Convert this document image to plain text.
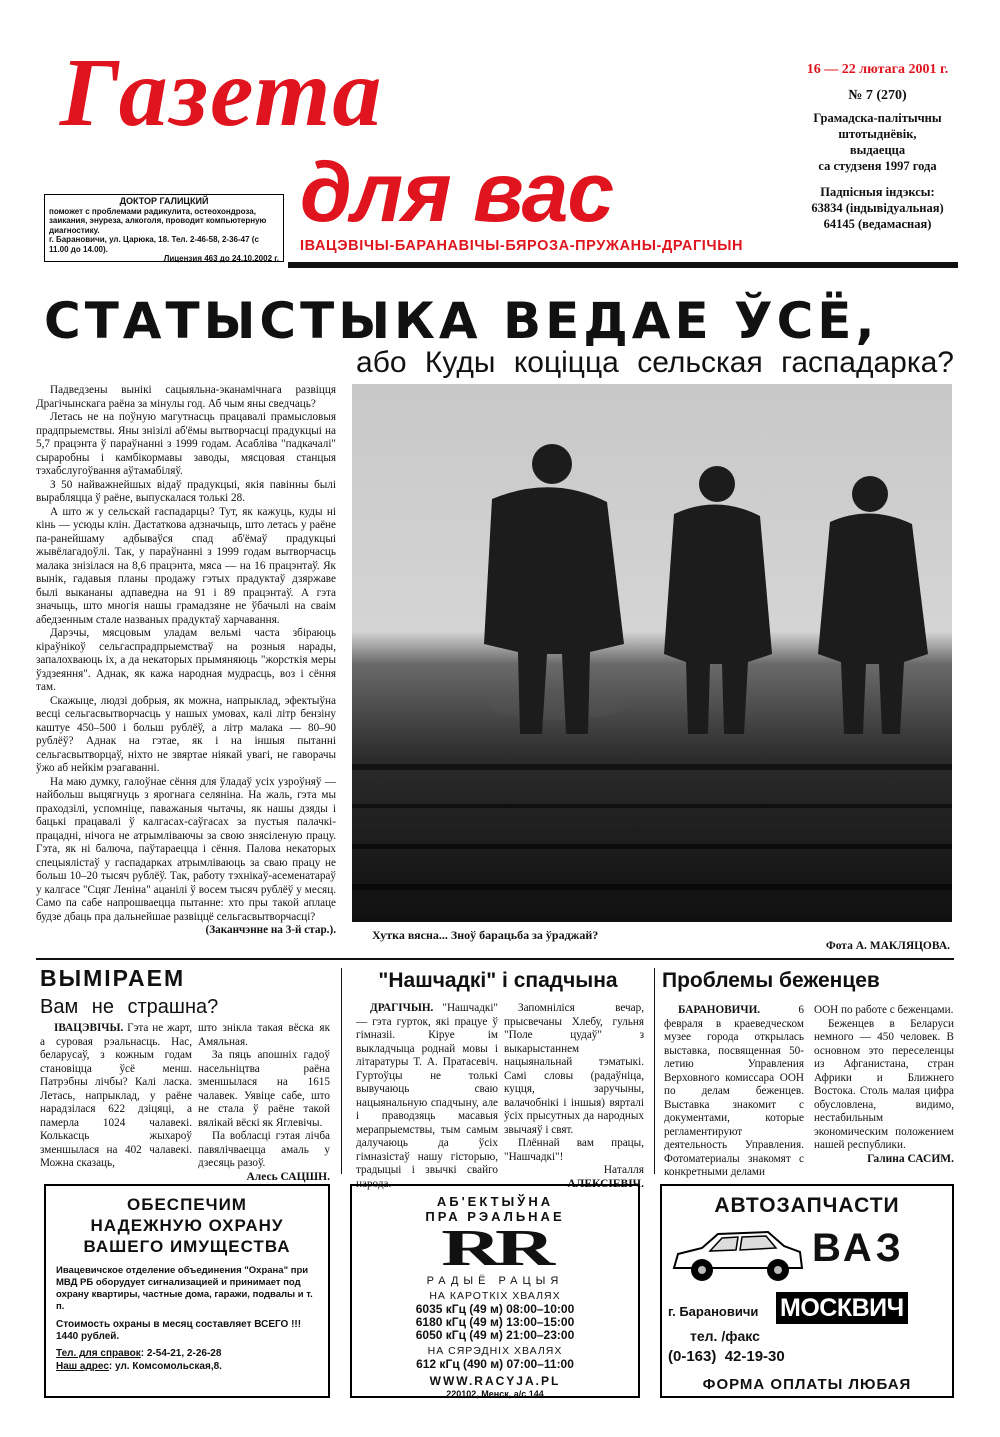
Газета
для вас
16 — 22 лютага 2001 г.
№ 7 (270)
Грамадска-палітычны
штотыднёвік,
выдаецца
са студзеня 1997 года
Падпісныя індэксы:
63834 (індывідуальная)
64145 (ведамасная)
ДОКТОР ГАЛИЦКИЙ
поможет с проблемами радикулита, остеохондроза, заикания, энуреза, алкоголя, проводит компьютерную диагностику.
г. Барановичи, ул. Царюка, 18. Тел. 2-46-58, 2-36-47 (с 11.00 до 14.00).
Лицензия 463 до 24.10.2002 г.
ІВАЦЭВІЧЫ-БАРАНАВІЧЫ-БЯРОЗА-ПРУЖАНЫ-ДРАГІЧЫН
СТАТЫСТЫКА ВЕДАЕ ЎСЁ,
або Куды коціцца сельская гаспадарка?

Падведзены вынікі сацыяльна-эканамічнага развіцця Драгічынскага раёна за мінулы год. Аб чым яны сведчаць?

Летась не на поўную магутнасць працавалі прамысловыя прадпрыемствы. Яны знізілі аб'ёмы вытворчасці прадукцыі на 5,7 працэнта ў параўнанні з 1999 годам. Асабліва "падкачалі" сыраробны і камбікормавы заводы, мясцовая станцыя тэхабслугоўвання аўтамабіляў.

З 50 найважнейшых відаў прадукцыі, якія павінны былі вырабляцца ў раёне, выпускалася толькі 28.

А што ж у сельскай гаспадарцы? Тут, як кажуць, куды ні кінь — усюды клін. Дастаткова адзначыць, што летась у раёне па-ранейшаму адбываўся спад аб'ёмаў прадукцыі жывёлагадоўлі. Так, у параўнанні з 1999 годам вытворчасць малака знізілася на 8,6 працэнта, мяса — на 16 працэнтаў. Як вынік, гадавыя планы продажу гэтых прадуктаў дзяржаве былі выкананы адпаведна на 91 і 89 працэнтаў. А гэта значыць, што многія нашы грамадзяне не ўбачылі на сваім абедзенным стале названых прадуктаў харчавання.

Дарэчы, мясцовым уладам вельмі часта збіраюць кіраўнікоў сельгаспрадпрыемстваў на розныя нарады, запалохваюць іх, а да некаторых прымяняюць "жорсткія меры ўздзеяння". Аднак, як кажа народная мудрасць, воз і сёння там.

Скажыце, людзі добрыя, як можна, напрыклад, эфектыўна весці сельгасвытворчасць у нашых умовах, калі літр бензіну каштуе 450–500 і больш рублёў, а літр малака — 80–90 рублёў? Аднак на гэтае, як і на іншыя пытанні сельгасвытворцаў, ніхто не звяртае ніякай увагі, не гаворачы ўжо аб нейкім рэагаванні.

На маю думку, галоўнае сёння для ўладаў усіх узроўняў — найбольш выцягнуць з ярогнага селяніна. На жаль, гэта мы праходзілі, успомніце, паважаныя чытачы, як нашы дзяды і бацькі працавалі ў калгасах-саўгасах за пустыя палачкі-працадні, нічога не атрымліваючы за свою знясіленую працу. Гэта, як ні балюча, паўтараецца і сёння. Палова некаторых спецыялістаў у гаспадарках атрымліваюць за сваю працу не больш 10–20 тысяч рублёў. Так, работу тэхнікаў-асеменатараў у калгасе "Сцяг Леніна" ацанілі ў восем тысяч рублёў у месяц. Само па сабе напрошваецца пытанне: хто пры такой аплаце будзе дбаць пра дальнейшае развіццё сельгасвытворчасці?

(Заканчэнне на 3-й стар.).	Хутка вясна... Зноў барацьба за ўраджай?
Фота А. МАКЛЯЦОВА.
ВЫМІРАЕМ
Вам не страшна?

ІВАЦЭВІЧЫ. Гэта не жарт, а суровая рэальнасць. Нас, беларусаў, з кожным годам становіцца ўсё менш. Патрэбны лічбы? Калі ласка. Летась, напрыклад, у раёне нарадзілася 622 дзіцяці, а памерла 1024 чалавекі. Колькасць жыхароў зменшылася на 402 чалавекі. Можна сказаць,

што знікла такая вёска як Амяльная.

За пяць апошніх гадоў насельніцтва раёна зменшылася на 1615 чалавек. Уявіце сабе, што не стала ў раёне такой вялікай вёскі як Яглевічы.

Па вобласці гэтая лічба павялічваецца амаль у дзесяць разоў.

Алесь САЦШН.
"Нашчадкі" і спадчына

ДРАГІЧЫН. "Нашчадкі" — гэта гурток, які працуе ў гімназіі. Кіруе ім выкладчыца роднай мовы і літаратуры Т. А. Пратасевіч. Гуртоўцы не толькі вывучаюць сваю нацыянальную спадчыну, але і праводзяць масавыя мерапрыемствы, тым самым далучаюць да ўсіх гімназістаў нашу гісторыю, традыцыі і звычкі свайго народа.

Запомніліся вечар, прысвечаны Хлебу, гульня "Поле цудаў" з выкарыстаннем нацыянальнай тэматыкі. Самі словы (радаўніца, куцця, заручыны, валачобнікі і іншыя) вярталі ўсіх прысутных да народных звычаяў і свят.

Плённай вам працы, "Нашчадкі"!

Наталля
АЛЕКСІЕВІЧ.
Проблемы беженцев

БАРАНОВИЧИ.	6 февраля в краеведческом музее города открылась выставка, посвященная 50-летию Управления Верховного комиссара ООН по делам беженцев. Выставка знакомит с документами, которые регламентируют деятельность Управления. Фотоматериалы знакомят с конкретными делами

ООН по работе с беженцами.

Беженцев в Беларуси немного — 450 человек. В основном это переселенцы из Афганистана, стран Африки и Ближнего Востока. Столь малая цифра обусловлена, видимо, нестабильным экономическим положением нашей республики.

Галина САСИМ.
ОБЕСПЕЧИМ
НАДЕЖНУЮ ОХРАНУ
ВАШЕГО ИМУЩЕСТВА
Ивацевичское отделение объединения "Охрана" при МВД РБ оборудует сигнализацией и принимает под охрану квартиры, частные дома, гаражи, подвалы и т. п.
Стоимость охраны в месяц составляет ВСЕГО !!! 1440 рублей.
Тел. для справок: 2-54-21, 2-26-28
Наш адрес: ул. Комсомольская,8.
АБ'ЕКТЫЎНА
ПРА РЭАЛЬНАЕ
RR
РАДЫЁ РАЦЫЯ
НА КАРОТКІХ ХВАЛЯХ
6035 кГц (49 м) 08:00–10:00
6180 кГц (49 м) 13:00–15:00
6050 кГц (49 м) 21:00–23:00
НА СЯРЭДНІХ ХВАЛЯХ
612 кГц (490 м) 07:00–11:00
WWW.RACYJA.PL
220102, Менск, а/с 144
АВТОЗАПЧАСТИ
ВАЗ
г. Барановичи МОСКВИЧ
тел. /факс
(0-163)  42-19-30
ФОРМА ОПЛАТЫ ЛЮБАЯ
